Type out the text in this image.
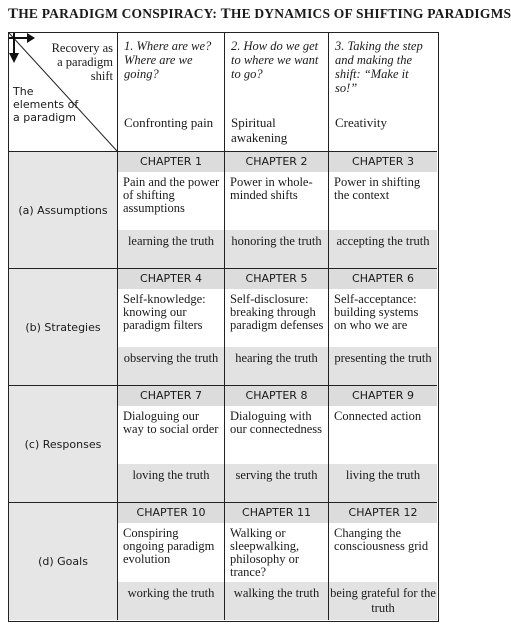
THE PARADIGM CONSPIRACY: THE DYNAMICS OF SHIFTING PARADIGMS
Recovery as a paradigm shift
The elements of a paradigm
1. Where are we? Where are we going?
Confronting pain
2. How do we get to where we want to go?
Spiritual awakening
3. Taking the step and making the shift: “Make it so!”
Creativity
(a) Assumptions
CHAPTER 1
Pain and the power of shifting assumptions
learning the truth
CHAPTER 2
Power in whole-minded shifts
honoring the truth
CHAPTER 3
Power in shifting the context
accepting the truth
(b) Strategies
CHAPTER 4
Self-knowledge: knowing our paradigm filters
observing the truth
CHAPTER 5
Self-disclosure: breaking through paradigm defenses
hearing the truth
CHAPTER 6
Self-acceptance: building systems on who we are
presenting the truth
(c) Responses
CHAPTER 7
Dialoguing our way to social order
loving the truth
CHAPTER 8
Dialoguing with our connectedness
serving the truth
CHAPTER 9
Connected action
living the truth
(d) Goals
CHAPTER 10
Conspiring ongoing paradigm evolution
working the truth
CHAPTER 11
Walking or sleepwalking, philosophy or trance?
walking the truth
CHAPTER 12
Changing the consciousness grid
being grateful for the truth
